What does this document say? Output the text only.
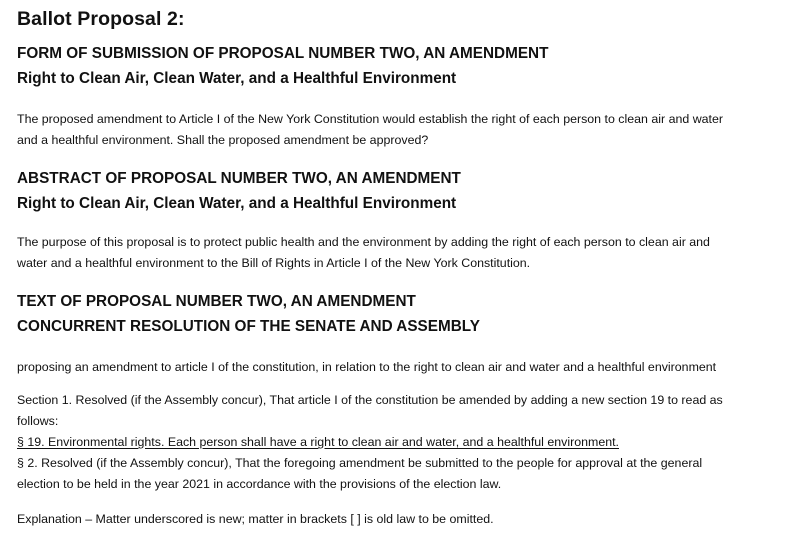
Ballot Proposal 2:
FORM OF SUBMISSION OF PROPOSAL NUMBER TWO, AN AMENDMENT
Right to Clean Air, Clean Water, and a Healthful Environment
The proposed amendment to Article I of the New York Constitution would establish the right of each person to clean air and water
and a healthful environment. Shall the proposed amendment be approved?
ABSTRACT OF PROPOSAL NUMBER TWO, AN AMENDMENT
Right to Clean Air, Clean Water, and a Healthful Environment
The purpose of this proposal is to protect public health and the environment by adding the right of each person to clean air and
water and a healthful environment to the Bill of Rights in Article I of the New York Constitution.
TEXT OF PROPOSAL NUMBER TWO, AN AMENDMENT
CONCURRENT RESOLUTION OF THE SENATE AND ASSEMBLY
proposing an amendment to article I of the constitution, in relation to the right to clean air and water and a healthful environment
Section 1. Resolved (if the Assembly concur), That article I of the constitution be amended by adding a new section 19 to read as
follows:
§ 19. Environmental rights. Each person shall have a right to clean air and water, and a healthful environment.
§ 2. Resolved (if the Assembly concur), That the foregoing amendment be submitted to the people for approval at the general
election to be held in the year 2021 in accordance with the provisions of the election law.
Explanation – Matter underscored is new; matter in brackets [ ] is old law to be omitted.
